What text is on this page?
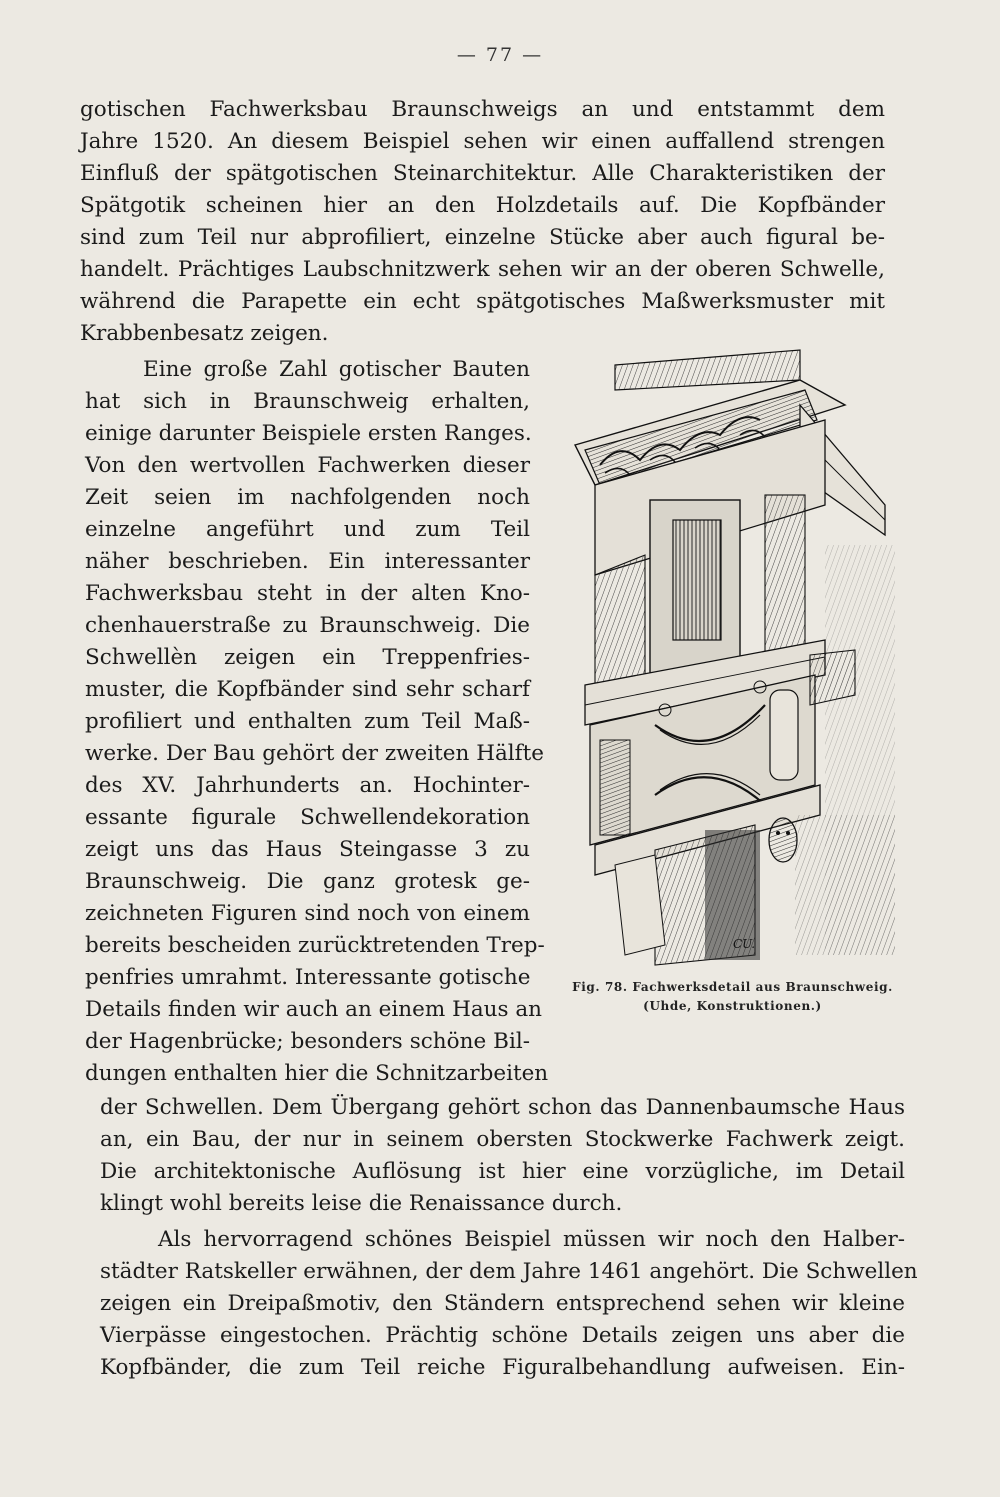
— 77 —
gotischen Fachwerksbau Braunschweigs an und entstammt dem
Jahre 1520. An diesem Beispiel sehen wir einen auffallend strengen
Einfluß der spätgotischen Steinarchitektur. Alle Charakteristiken der
Spätgotik scheinen hier an den Holzdetails auf. Die Kopfbänder
sind zum Teil nur abprofiliert, einzelne Stücke aber auch figural be-
handelt. Prächtiges Laubschnitzwerk sehen wir an der oberen Schwelle,
während die Parapette ein echt spätgotisches Maßwerksmuster mit
Krabbenbesatz zeigen.
Eine große Zahl gotischer Bauten
hat sich in Braunschweig erhalten,
einige darunter Beispiele ersten Ranges.
Von den wertvollen Fachwerken dieser
Zeit seien im nachfolgenden noch
einzelne angeführt und zum Teil
näher beschrieben. Ein interessanter
Fachwerksbau steht in der alten Kno-
chenhauerstraße zu Braunschweig. Die
Schwellèn zeigen ein Treppenfries-
muster, die Kopfbänder sind sehr scharf
profiliert und enthalten zum Teil Maß-
werke. Der Bau gehört der zweiten Hälfte
des XV. Jahrhunderts an. Hochinter-
essante figurale Schwellendekoration
zeigt uns das Haus Steingasse 3 zu
Braunschweig. Die ganz grotesk ge-
zeichneten Figuren sind noch von einem
bereits bescheiden zurücktretenden Trep-
penfries umrahmt. Interessante gotische
Details finden wir auch an einem Haus an
der Hagenbrücke; besonders schöne Bil-
dungen enthalten hier die Schnitzarbeiten
der Schwellen. Dem Übergang gehört schon das Dannenbaumsche Haus
an, ein Bau, der nur in seinem obersten Stockwerke Fachwerk zeigt.
Die architektonische Auflösung ist hier eine vorzügliche, im Detail
klingt wohl bereits leise die Renaissance durch.
Als hervorragend schönes Beispiel müssen wir noch den Halber-
städter Ratskeller erwähnen, der dem Jahre 1461 angehört. Die Schwellen
zeigen ein Dreipaßmotiv, den Ständern entsprechend sehen wir kleine
Vierpässe eingestochen. Prächtig schöne Details zeigen uns aber die
Kopfbänder, die zum Teil reiche Figuralbehandlung aufweisen. Ein-
CU.
Fig. 78. Fachwerksdetail aus Braunschweig.
(Uhde, Konstruktionen.)
